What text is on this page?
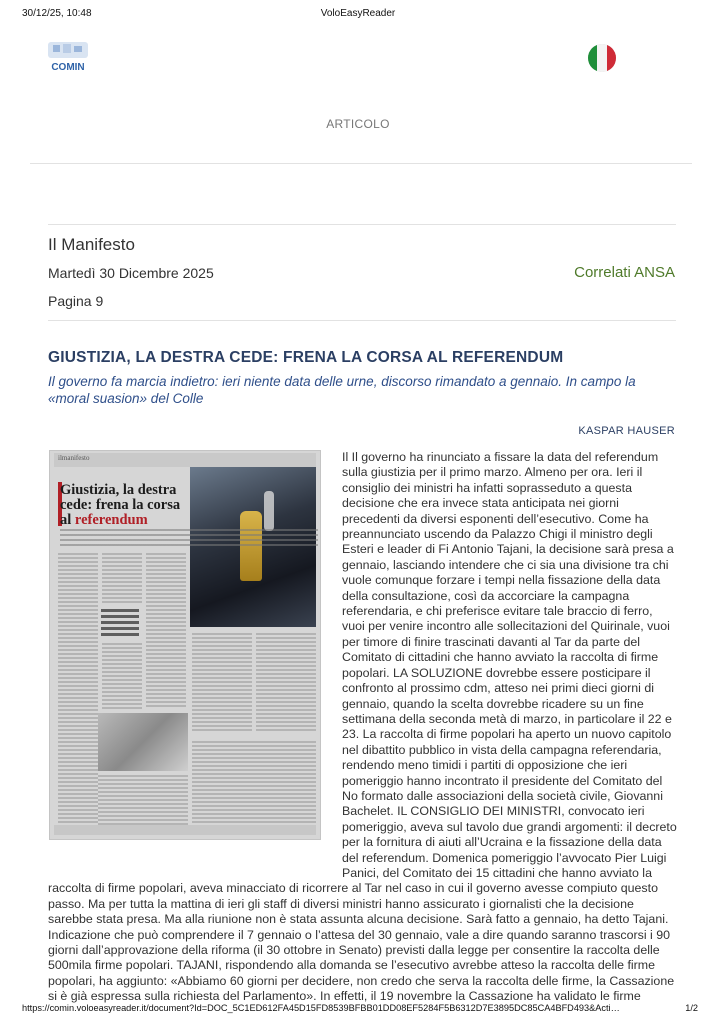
30/12/25, 10:48	VoloEasyReader
COMIN
ARTICOLO
Il Manifesto
Martedì 30 Dicembre 2025	Correlati ANSA
Pagina 9
GIUSTIZIA, LA DESTRA CEDE: FRENA LA CORSA AL REFERENDUM
Il governo fa marcia indietro: ieri niente data delle urne, discorso rimandato a gennaio. In campo la «moral suasion» del Colle
KASPAR HAUSER
ilmanifesto
Giustizia, la destra cede: frena la corsa al referendum

Il Il governo ha rinunciato a fissare la data del referendum sulla giustizia per il primo marzo. Almeno per ora. Ieri il consiglio dei ministri ha infatti soprasseduto a questa decisione che era invece stata anticipata nei giorni precedenti da diversi esponenti dell’esecutivo. Come ha preannunciato uscendo da Palazzo Chigi il ministro degli Esteri e leader di Fi Antonio Tajani, la decisione sarà presa a gennaio, lasciando intendere che ci sia una divisione tra chi vuole comunque forzare i tempi nella fissazione della data della consultazione, così da accorciare la campagna referendaria, e chi preferisce evitare tale braccio di ferro, vuoi per venire incontro alle sollecitazioni del Quirinale, vuoi per timore di finire trascinati davanti al Tar da parte del Comitato di cittadini che hanno avviato la raccolta di firme popolari. LA SOLUZIONE dovrebbe essere posticipare il confronto al prossimo cdm, atteso nei primi dieci giorni di gennaio, quando la scelta dovrebbe ricadere su un fine settimana della seconda metà di marzo, in particolare il 22 e 23. La raccolta di firme popolari ha aperto un nuovo capitolo nel dibattito pubblico in vista della campagna referendaria, rendendo meno timidi i partiti di opposizione che ieri pomeriggio hanno incontrato il presidente del Comitato del No formato dalle associazioni della società civile, Giovanni Bachelet. IL CONSIGLIO DEI MINISTRI, convocato ieri pomeriggio, aveva sul tavolo due grandi argomenti: il decreto per la fornitura di aiuti all’Ucraina e la fissazione della data del referendum. Domenica pomeriggio l’avvocato Pier Luigi Panici, del Comitato dei 15 cittadini che hanno avviato la raccolta di firme popolari, aveva minacciato di ricorrere al Tar nel caso in cui il governo avesse compiuto questo passo. Ma per tutta la mattina di ieri gli staff di diversi ministri hanno assicurato i giornalisti che la decisione sarebbe stata presa. Ma alla riunione non è stata assunta alcuna decisione. Sarà fatto a gennaio, ha detto Tajani. Indicazione che può comprendere il 7 gennaio o l’attesa del 30 gennaio, vale a dire quando saranno trascorsi i 90 giorni dall’approvazione della riforma (il 30 ottobre in Senato) previsti dalla legge per consentire la raccolta delle 500mila firme popolari. TAJANI, rispondendo alla domanda se l’esecutivo avrebbe atteso la raccolta delle firme popolari, ha aggiunto: «Abbiamo 60 giorni per decidere, non credo che serva la raccolta delle firme, la Cassazione si è già espressa sulla richiesta del Parlamento». In effetti, il 19 novembre la Cassazione ha validato le firme

https://comin.voloeasyreader.it/document?Id=DOC_5C1ED612FA45D15FD8539BFBB01DD08EF5284F5B6312D7E3895DC85CA4BFD493&Acti…	1/2
